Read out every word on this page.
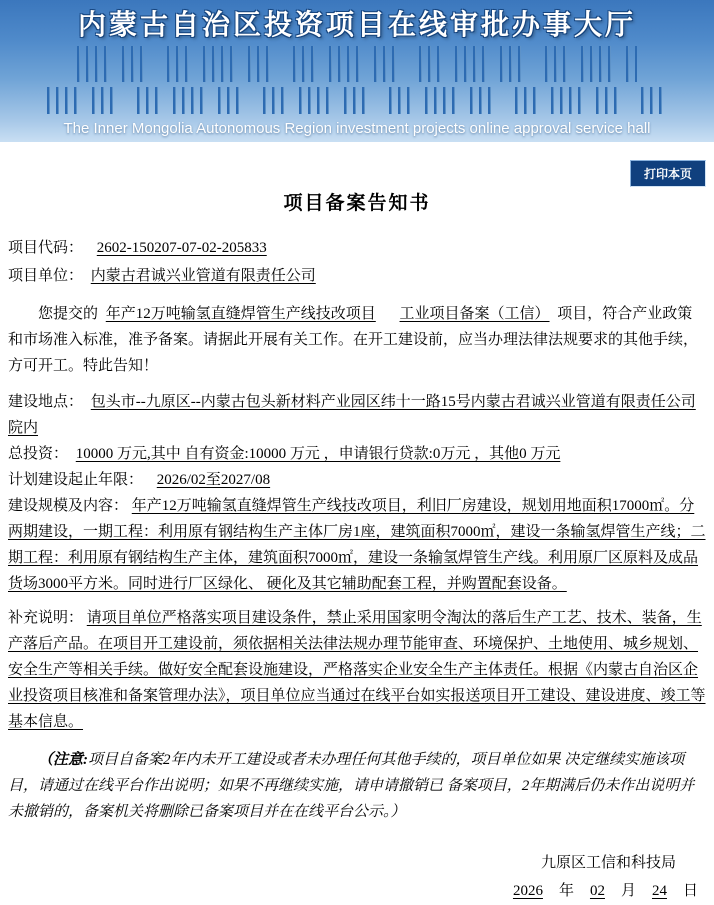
内蒙古自治区投资项目在线审批办事大厅
The Inner Mongolia Autonomous Region investment projects online approval service hall
打印本页
项目备案告知书

项目代码： 2602-150207-07-02-205833

项目单位： 内蒙古君诚兴业管道有限责任公司

您提交的 年产12万吨输氢直缝焊管生产线技改项目 工业项目备案（工信） 项目，符合产业政策和市场准入标准，准予备案。请据此开展有关工作。在开工建设前，应当办理法律法规要求的其他手续，方可开工。特此告知！

建设地点： 包头市--九原区--内蒙古包头新材料产业园区纬十一路15号内蒙古君诚兴业管道有限责任公司院内

总投资： 10000 万元,其中 自有资金:10000 万元 ，申请银行贷款:0万元 ，其他0 万元

计划建设起止年限： 2026/02至2027/08

建设规模及内容： 年产12万吨输氢直缝焊管生产线技改项目，利旧厂房建设，规划用地面积17000㎡。分两期建设，一期工程：利用原有钢结构生产主体厂房1座，建筑面积7000㎡，建设一条输氢焊管生产线；二期工程：利用原有钢结构生产主体，建筑面积7000㎡，建设一条输氢焊管生产线。利用原厂区原料及成品货场3000平方米。同时进行厂区绿化、 硬化及其它辅助配套工程，并购置配套设备。

补充说明： 请项目单位严格落实项目建设条件，禁止采用国家明令淘汰的落后生产工艺、技术、装备，生产落后产品。在项目开工建设前，须依据相关法律法规办理节能审查、环境保护、土地使用、城乡规划、安全生产等相关手续。做好安全配套设施建设，严格落实企业安全生产主体责任。根据《内蒙古自治区企业投资项目核准和备案管理办法》，项目单位应当通过在线平台如实报送项目开工建设、建设进度、竣工等基本信息。

（注意:项目自备案2年内未开工建设或者未办理任何其他手续的，项目单位如果 决定继续实施该项目，请通过在线平台作出说明；如果不再继续实施，请申请撤销已 备案项目，2年期满后仍未作出说明并未撤销的，备案机关将删除已备案项目并在在线平台公示。）

九原区工信和科技局

2026 年 02 月 24 日
